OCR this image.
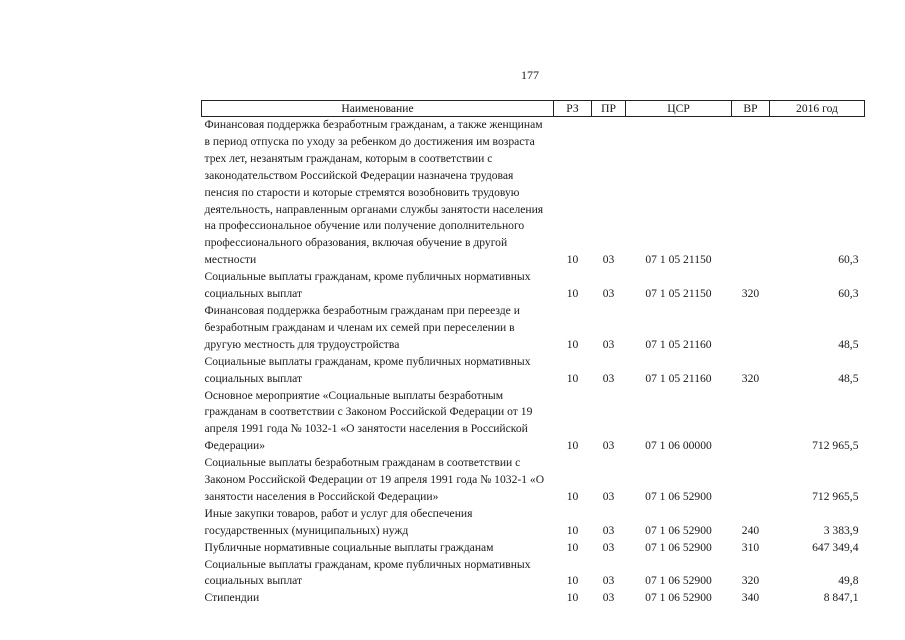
177
Наименование	РЗ	ПР	ЦСР	ВР	2016 год
Финансовая поддержка безработным гражданам, а также женщинам в период отпуска по уходу за ребенком до достижения им возраста трех лет, незанятым гражданам, которым в соответствии с законодательством Российской Федерации назначена трудовая пенсия по старости и которые стремятся возобновить трудовую деятельность, направленным органами службы занятости населения на профессиональное обучение или получение дополнительного профессионального образования, включая обучение в другой местности	10	03	07 1 05 21150		60,3
Социальные выплаты гражданам, кроме публичных нормативных социальных выплат	10	03	07 1 05 21150	320	60,3
Финансовая поддержка безработным гражданам при переезде и безработным гражданам и членам их семей при переселении в другую местность для трудоустройства	10	03	07 1 05 21160		48,5
Социальные выплаты гражданам, кроме публичных нормативных социальных выплат	10	03	07 1 05 21160	320	48,5
Основное мероприятие «Социальные выплаты безработным гражданам в соответствии с Законом Российской Федерации от 19 апреля 1991 года № 1032-1 «О занятости населения в Российской Федерации»	10	03	07 1 06 00000		712 965,5
Социальные выплаты безработным гражданам в соответствии с Законом Российской Федерации от 19 апреля 1991 года № 1032-1 «О занятости населения в Российской Федерации»	10	03	07 1 06 52900		712 965,5
Иные закупки товаров, работ и услуг для обеспечения государственных (муниципальных) нужд	10	03	07 1 06 52900	240	3 383,9
Публичные нормативные социальные выплаты гражданам	10	03	07 1 06 52900	310	647 349,4
Социальные выплаты гражданам, кроме публичных нормативных социальных выплат	10	03	07 1 06 52900	320	49,8
Стипендии	10	03	07 1 06 52900	340	8 847,1
